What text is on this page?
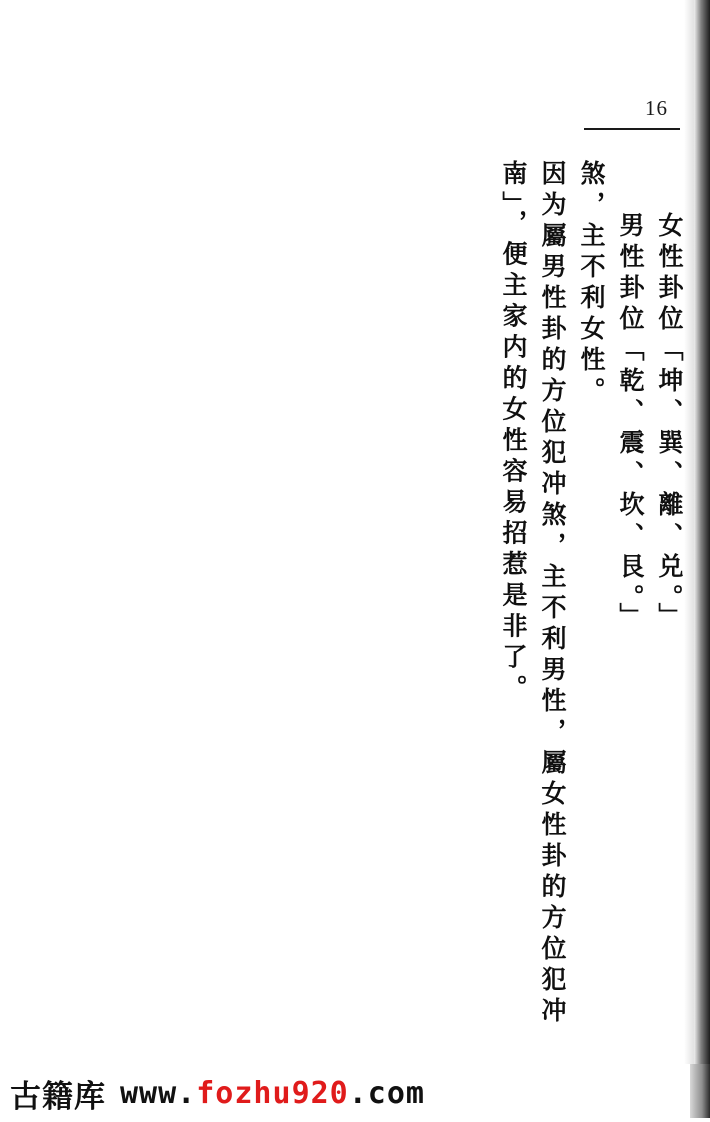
16
南」，便主家内的女性容易招惹是非了。 因为屬男性卦的方位犯冲煞，主不利男性，屬女性卦的方位犯冲 煞，主不利女性。 男性卦位「乾、震、坎、艮。」 女性卦位「坤、巽、離、兑。」
古籍库 www.fozhu920.com
